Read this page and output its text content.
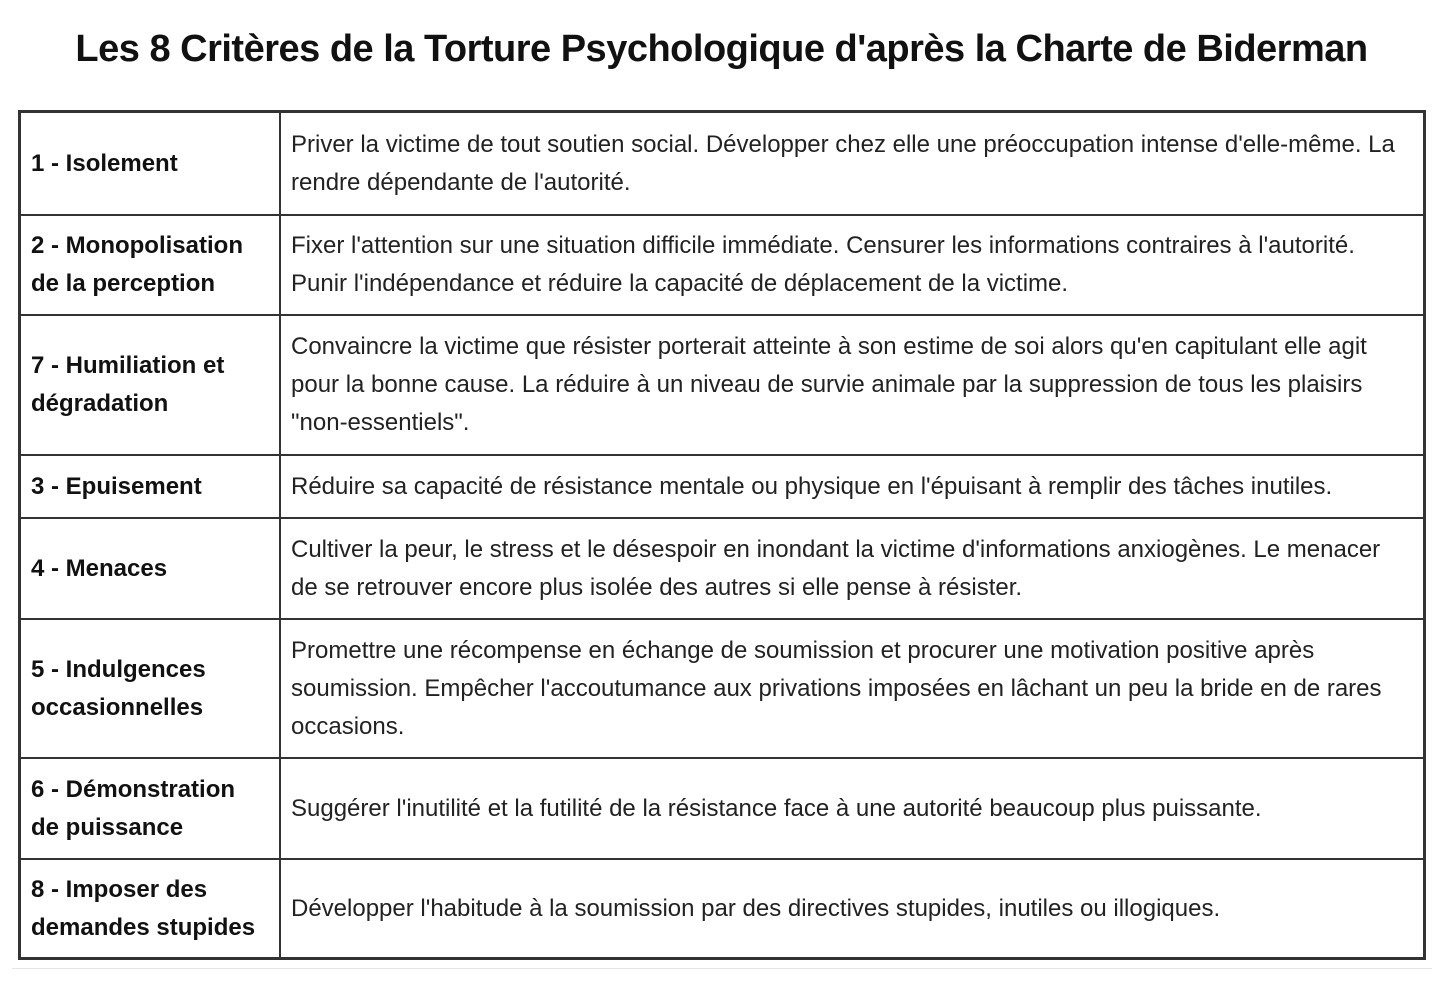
Les 8 Critères de la Torture Psychologique d'après la Charte de Biderman
1 - Isolement	Priver la victime de tout soutien social. Développer chez elle une préoccupation intense d'elle-même. La rendre dépendante de l'autorité.
2 - Monopolisation de la perception	Fixer l'attention sur une situation difficile immédiate. Censurer les informations contraires à l'autorité. Punir l'indépendance et réduire la capacité de déplacement de la victime.
7 - Humiliation et dégradation	Convaincre la victime que résister porterait atteinte à son estime de soi alors qu'en capitulant elle agit pour la bonne cause. La réduire à un niveau de survie animale par la suppression de tous les plaisirs "non-essentiels".
3 - Epuisement	Réduire sa capacité de résistance mentale ou physique en l'épuisant à remplir des tâches inutiles.
4 - Menaces	Cultiver la peur, le stress et le désespoir en inondant la victime d'informations anxiogènes. Le menacer de se retrouver encore plus isolée des autres si elle pense à résister.
5 - Indulgences occasionnelles	Promettre une récompense en échange de soumission et procurer une motivation positive après soumission. Empêcher l'accoutumance aux privations imposées en lâchant un peu la bride en de rares occasions.
6 - Démonstration de puissance	Suggérer l'inutilité et la futilité de la résistance face à une autorité beaucoup plus puissante.
8 - Imposer des demandes stupides	Développer l'habitude à la soumission par des directives stupides, inutiles ou illogiques.
